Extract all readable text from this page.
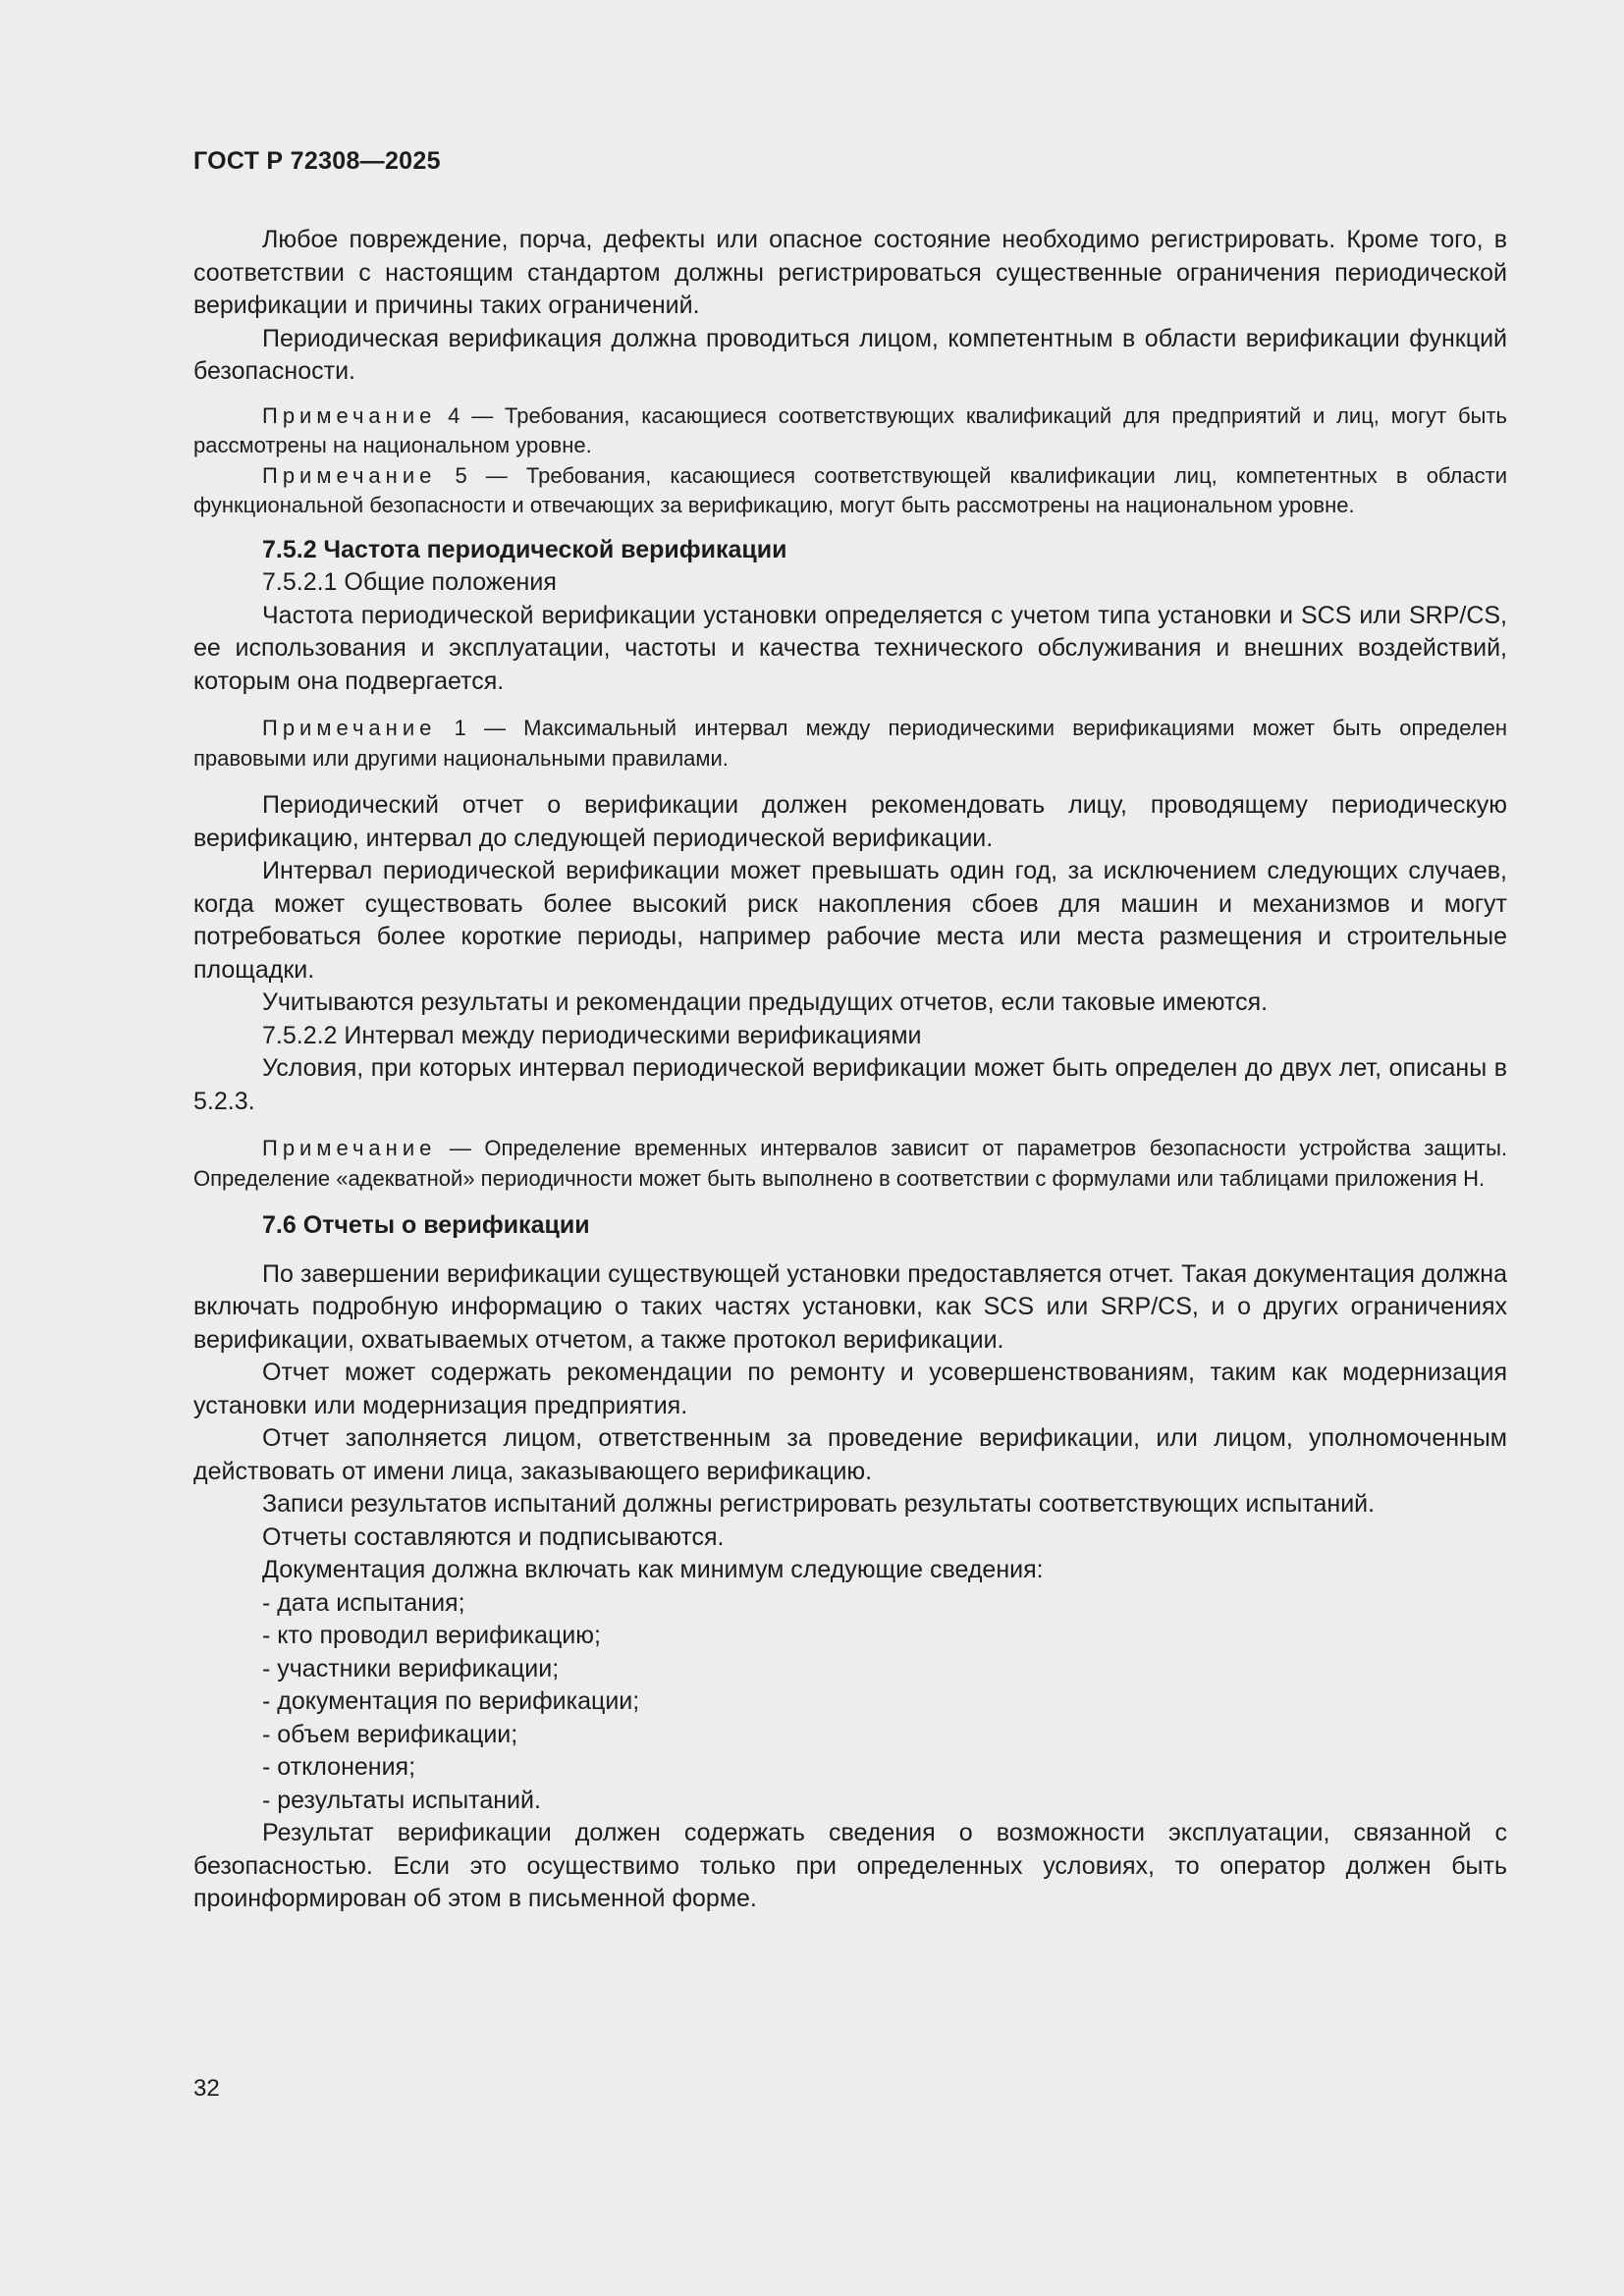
ГОСТ Р 72308—2025

Любое повреждение, порча, дефекты или опасное состояние необходимо регистрировать. Кроме того, в соответствии с настоящим стандартом должны регистрироваться существенные ограничения периодической верификации и причины таких ограничений.

Периодическая верификация должна проводиться лицом, компетентным в области верификации функций безопасности.

Примечание 4 — Требования, касающиеся соответствующих квалификаций для предприятий и лиц, могут быть рассмотрены на национальном уровне.

Примечание 5 — Требования, касающиеся соответствующей квалификации лиц, компетентных в области функциональной безопасности и отвечающих за верификацию, могут быть рассмотрены на национальном уровне.

7.5.2 Частота периодической верификации

7.5.2.1 Общие положения

Частота периодической верификации установки определяется с учетом типа установки и SCS или SRP/CS, ее использования и эксплуатации, частоты и качества технического обслуживания и внешних воздействий, которым она подвергается.

Примечание 1 — Максимальный интервал между периодическими верификациями может быть определен правовыми или другими национальными правилами.

Периодический отчет о верификации должен рекомендовать лицу, проводящему периодическую верификацию, интервал до следующей периодической верификации.

Интервал периодической верификации может превышать один год, за исключением следующих случаев, когда может существовать более высокий риск накопления сбоев для машин и механизмов и могут потребоваться более короткие периоды, например рабочие места или места размещения и строительные площадки.

Учитываются результаты и рекомендации предыдущих отчетов, если таковые имеются.

7.5.2.2 Интервал между периодическими верификациями

Условия, при которых интервал периодической верификации может быть определен до двух лет, описаны в 5.2.3.

Примечание — Определение временных интервалов зависит от параметров безопасности устройства защиты. Определение «адекватной» периодичности может быть выполнено в соответствии с формулами или таблицами приложения Н.

7.6 Отчеты о верификации

По завершении верификации существующей установки предоставляется отчет. Такая документация должна включать подробную информацию о таких частях установки, как SCS или SRP/CS, и о других ограничениях верификации, охватываемых отчетом, а также протокол верификации.

Отчет может содержать рекомендации по ремонту и усовершенствованиям, таким как модернизация установки или модернизация предприятия.

Отчет заполняется лицом, ответственным за проведение верификации, или лицом, уполномоченным действовать от имени лица, заказывающего верификацию.

Записи результатов испытаний должны регистрировать результаты соответствующих испытаний.

Отчеты составляются и подписываются.

Документация должна включать как минимум следующие сведения:

- дата испытания;

- кто проводил верификацию;

- участники верификации;

- документация по верификации;

- объем верификации;

- отклонения;

- результаты испытаний.

Результат верификации должен содержать сведения о возможности эксплуатации, связанной с безопасностью. Если это осуществимо только при определенных условиях, то оператор должен быть проинформирован об этом в письменной форме.

32
